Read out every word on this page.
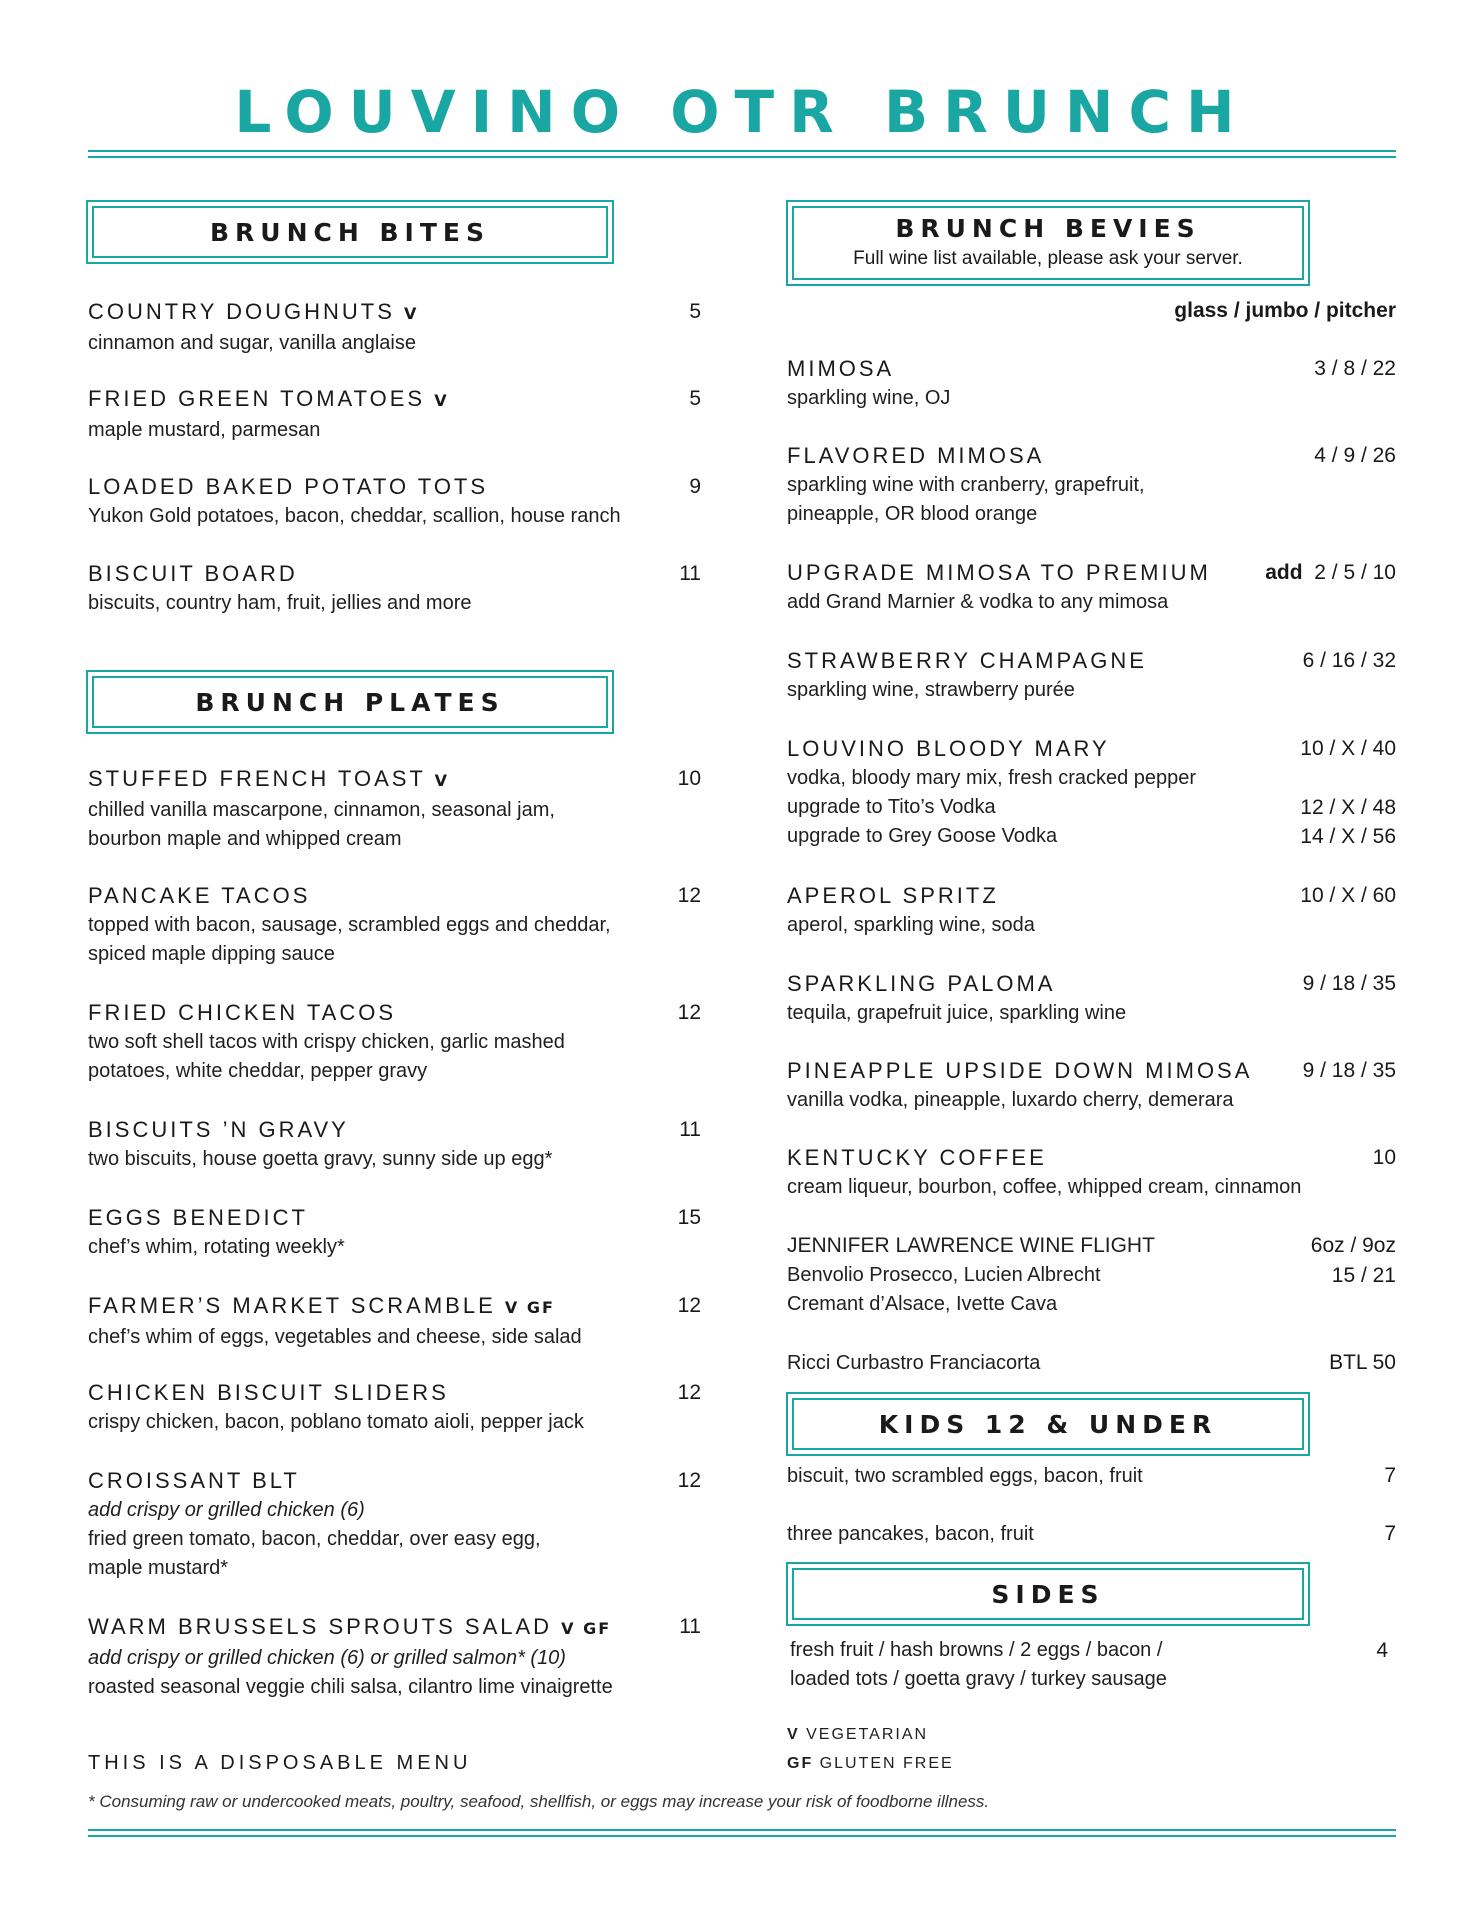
LOUVINO OTR BRUNCH
BRUNCH BITES
COUNTRY DOUGHNUTS V
cinnamon and sugar, vanilla anglaise
5
FRIED GREEN TOMATOES V
maple mustard, parmesan
5
LOADED BAKED POTATO TOTS
Yukon Gold potatoes, bacon, cheddar, scallion, house ranch
9
BISCUIT BOARD
biscuits, country ham, fruit, jellies and more
11
BRUNCH PLATES
STUFFED FRENCH TOAST V
chilled vanilla mascarpone, cinnamon, seasonal jam,
bourbon maple and whipped cream
10
PANCAKE TACOS
topped with bacon, sausage, scrambled eggs and cheddar,
spiced maple dipping sauce
12
FRIED CHICKEN TACOS
two soft shell tacos with crispy chicken, garlic mashed
potatoes, white cheddar, pepper gravy
12
BISCUITS ’N GRAVY
two biscuits, house goetta gravy, sunny side up egg*
11
EGGS BENEDICT
chef’s whim, rotating weekly*
15
FARMER’S MARKET SCRAMBLE V GF
chef’s whim of eggs, vegetables and cheese, side salad
12
CHICKEN BISCUIT SLIDERS
crispy chicken, bacon, poblano tomato aioli, pepper jack
12
CROISSANT BLT
add crispy or grilled chicken (6)
fried green tomato, bacon, cheddar, over easy egg,
maple mustard*
12
WARM BRUSSELS SPROUTS SALAD V GF
add crispy or grilled chicken (6) or grilled salmon* (10)
roasted seasonal veggie chili salsa, cilantro lime vinaigrette
11
BRUNCH BEVIES
Full wine list available, please ask your server.
glass / jumbo / pitcher
MIMOSA
sparkling wine, OJ
3 / 8 / 22
FLAVORED MIMOSA
sparkling wine with cranberry, grapefruit,
pineapple, OR blood orange
4 / 9 / 26
UPGRADE MIMOSA TO PREMIUM
add Grand Marnier & vodka to any mimosa
add 2 / 5 / 10
STRAWBERRY CHAMPAGNE
sparkling wine, strawberry purée
6 / 16 / 32
LOUVINO BLOODY MARY
vodka, bloody mary mix, fresh cracked pepper
upgrade to Tito’s Vodka
upgrade to Grey Goose Vodka
10 / X / 40
12 / X / 48
14 / X / 56
APEROL SPRITZ
aperol, sparkling wine, soda
10 / X / 60
SPARKLING PALOMA
tequila, grapefruit juice, sparkling wine
9 / 18 / 35
PINEAPPLE UPSIDE DOWN MIMOSA
vanilla vodka, pineapple, luxardo cherry, demerara
9 / 18 / 35
KENTUCKY COFFEE
cream liqueur, bourbon, coffee, whipped cream, cinnamon
10
JENNIFER LAWRENCE WINE FLIGHT
Benvolio Prosecco, Lucien Albrecht
Cremant d’Alsace, Ivette Cava
6oz / 9oz
15 / 21
Ricci Curbastro Franciacorta	BTL 50
KIDS 12 & UNDER
biscuit, two scrambled eggs, bacon, fruit	7
three pancakes, bacon, fruit	7
SIDES
fresh fruit / hash browns / 2 eggs / bacon /
loaded tots / goetta gravy / turkey sausage
4
V VEGETARIAN
GF GLUTEN FREE
THIS IS A DISPOSABLE MENU
* Consuming raw or undercooked meats, poultry, seafood, shellfish, or eggs may increase your risk of foodborne illness.
